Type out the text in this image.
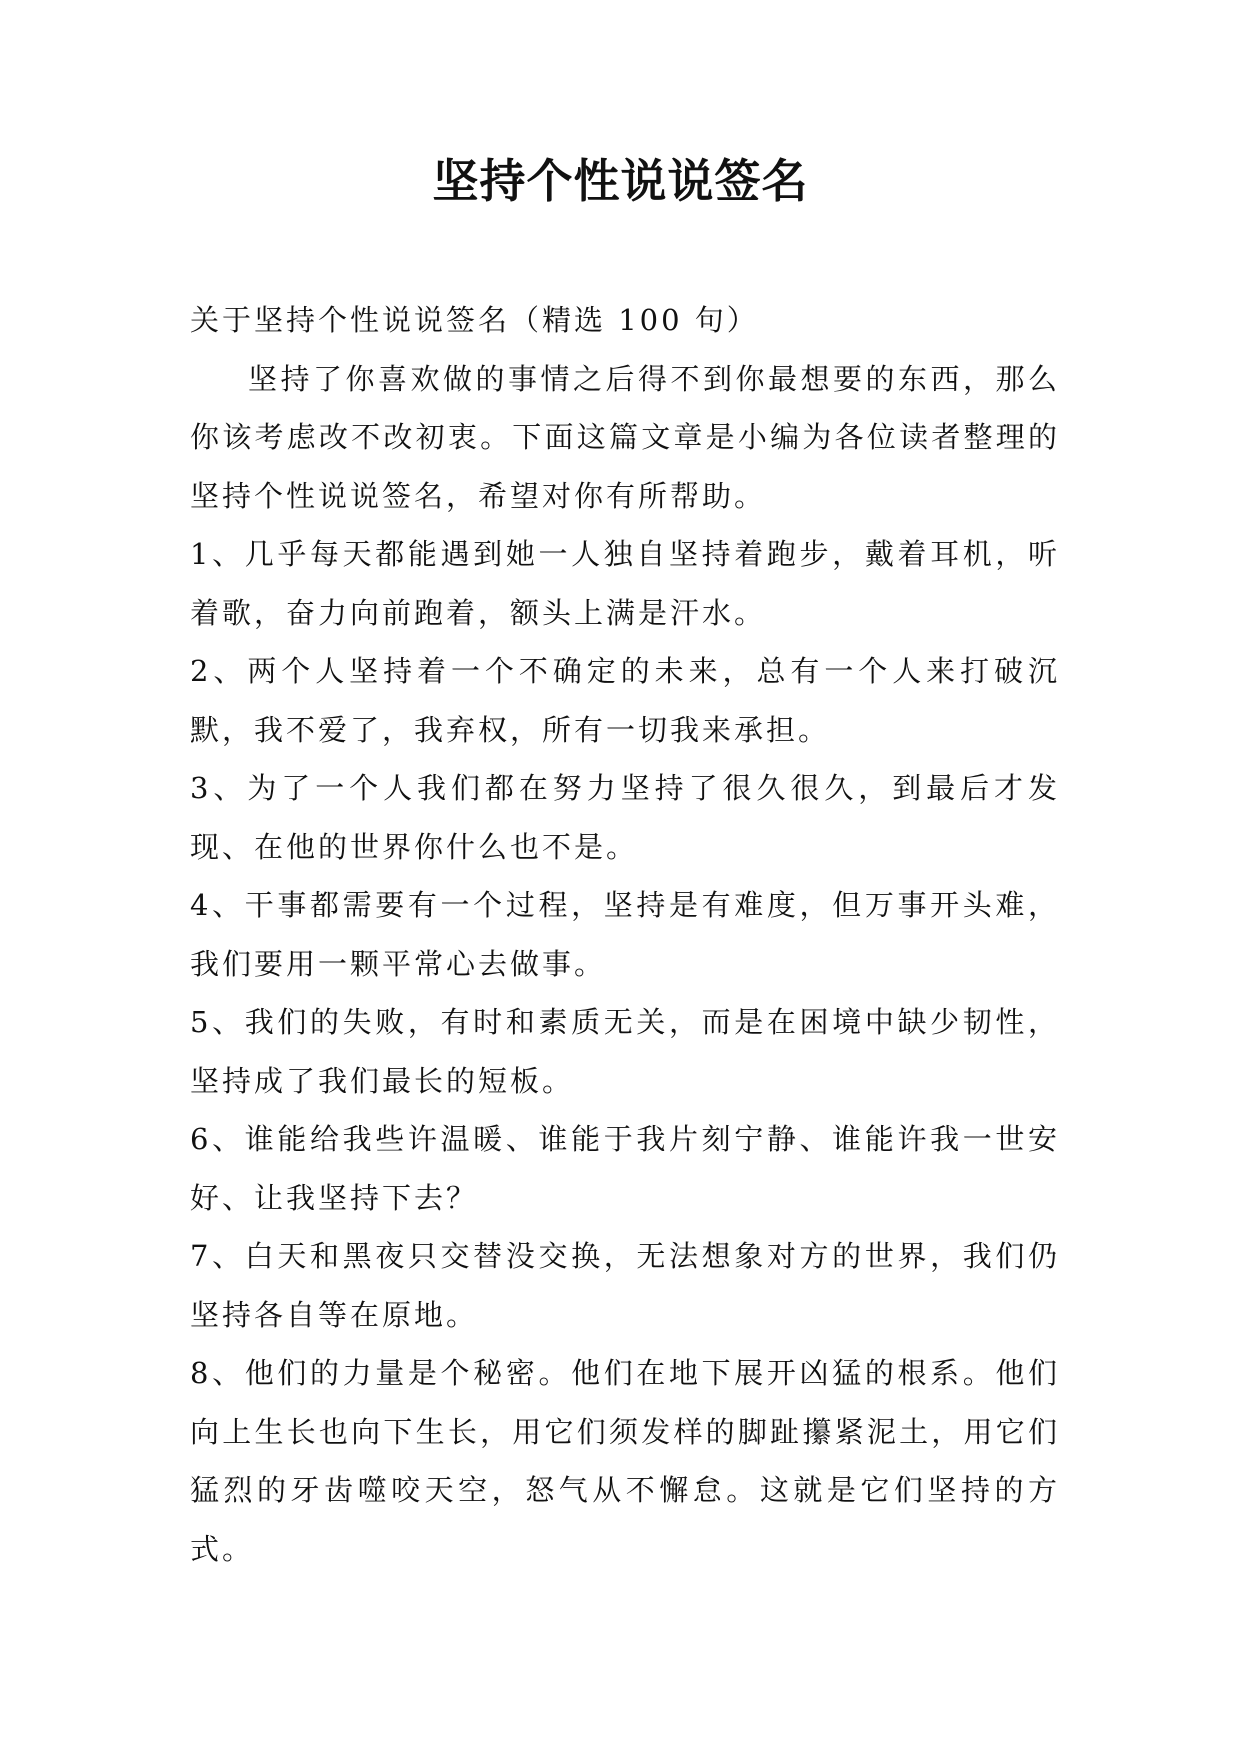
坚持个性说说签名

关于坚持个性说说签名（精选 100 句）

坚持了你喜欢做的事情之后得不到你最想要的东西，那么你该考虑改不改初衷。下面这篇文章是小编为各位读者整理的坚持个性说说签名，希望对你有所帮助。

1、几乎每天都能遇到她一人独自坚持着跑步，戴着耳机，听着歌，奋力向前跑着，额头上满是汗水。

2、两个人坚持着一个不确定的未来，总有一个人来打破沉默，我不爱了，我弃权，所有一切我来承担。

3、为了一个人我们都在努力坚持了很久很久，到最后才发现、在他的世界你什么也不是。

4、干事都需要有一个过程，坚持是有难度，但万事开头难，我们要用一颗平常心去做事。

5、我们的失败，有时和素质无关，而是在困境中缺少韧性，坚持成了我们最长的短板。

6、谁能给我些许温暖、谁能于我片刻宁静、谁能许我一世安好、让我坚持下去？

7、白天和黑夜只交替没交换，无法想象对方的世界，我们仍坚持各自等在原地。

8、他们的力量是个秘密。他们在地下展开凶猛的根系。他们向上生长也向下生长，用它们须发样的脚趾攥紧泥土，用它们猛烈的牙齿噬咬天空，怒气从不懈怠。这就是它们坚持的方式。
